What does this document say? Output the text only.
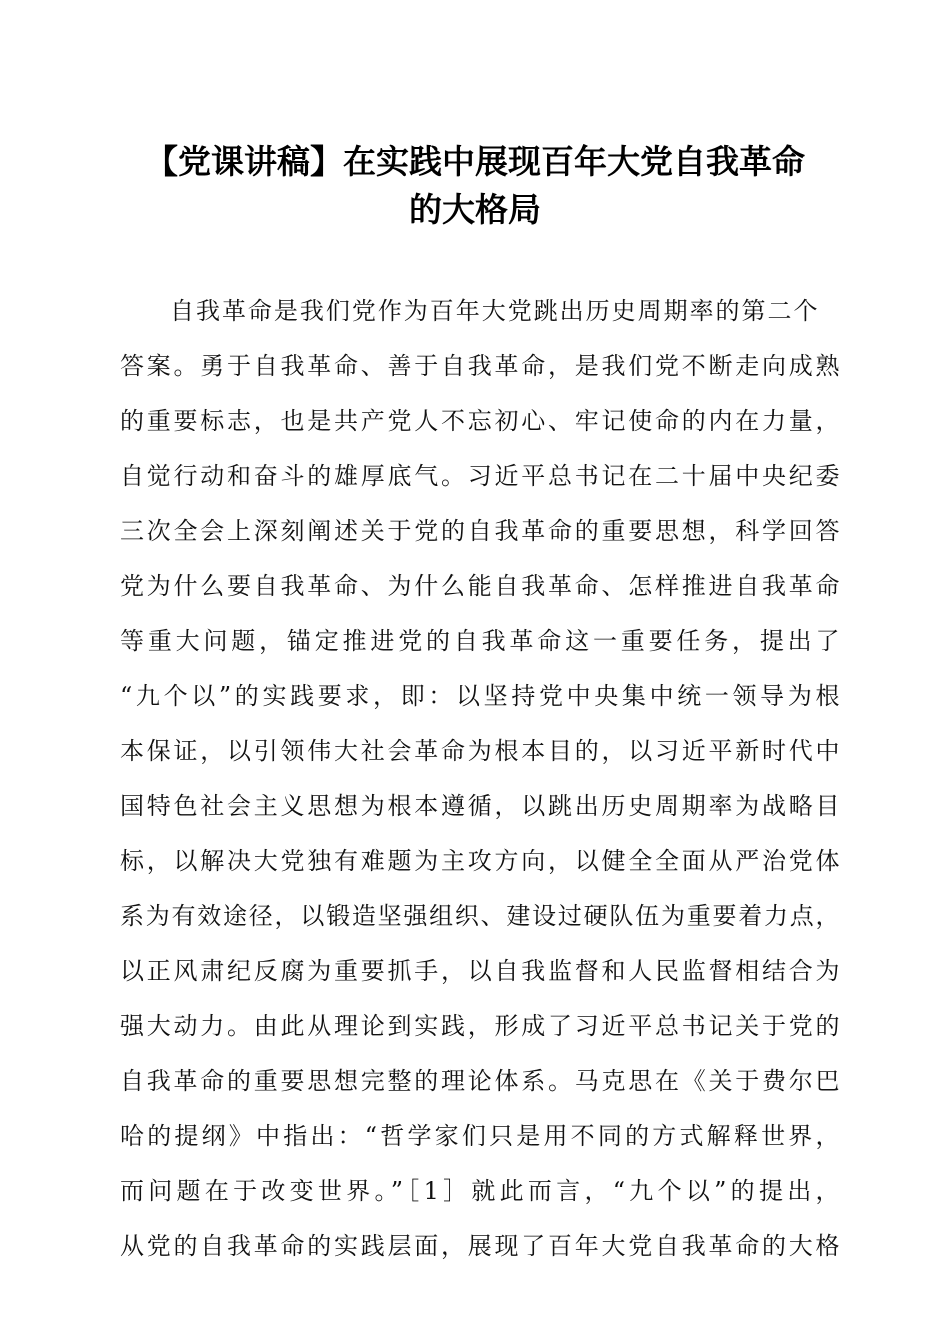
【党课讲稿】在实践中展现百年大党自我革命
的大格局
自我革命是我们党作为百年大党跳出历史周期率的第二个
答案。勇于自我革命、善于自我革命，是我们党不断走向成熟
的重要标志，也是共产党人不忘初心、牢记使命的内在力量，
自觉行动和奋斗的雄厚底气。习近平总书记在二十届中央纪委
三次全会上深刻阐述关于党的自我革命的重要思想，科学回答
党为什么要自我革命、为什么能自我革命、怎样推进自我革命
等重大问题，锚定推进党的自我革命这一重要任务，提出了
“九个以”的实践要求，即：以坚持党中央集中统一领导为根
本保证，以引领伟大社会革命为根本目的，以习近平新时代中
国特色社会主义思想为根本遵循，以跳出历史周期率为战略目
标，以解决大党独有难题为主攻方向，以健全全面从严治党体
系为有效途径，以锻造坚强组织、建设过硬队伍为重要着力点，
以正风肃纪反腐为重要抓手，以自我监督和人民监督相结合为
强大动力。由此从理论到实践，形成了习近平总书记关于党的
自我革命的重要思想完整的理论体系。马克思在《关于费尔巴
哈的提纲》中指出：“哲学家们只是用不同的方式解释世界，
而问题在于改变世界。”［1］就此而言，“九个以”的提出，
从党的自我革命的实践层面，展现了百年大党自我革命的大格
